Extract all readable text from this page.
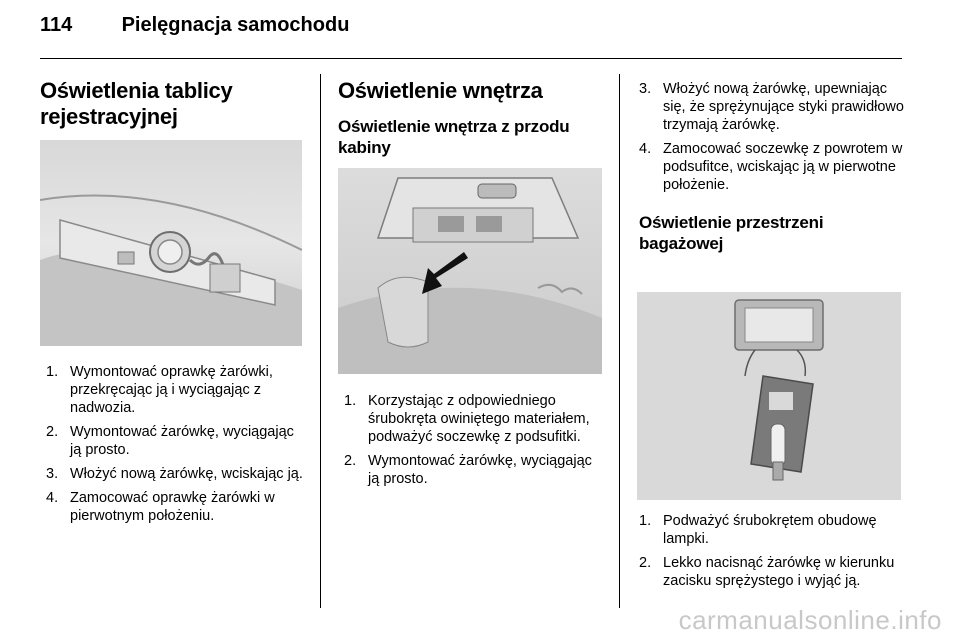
114 Pielęgnacja samochodu
Oświetlenia tablicy rejestracyjnej
1. Wymontować oprawkę żarówki, przekręcając ją i wyciągając z nadwozia.
2. Wymontować żarówkę, wyciągając ją prosto.
3. Włożyć nową żarówkę, wciskając ją.
4. Zamocować oprawkę żarówki w pierwotnym położeniu.
Oświetlenie wnętrza
Oświetlenie wnętrza z przodu kabiny
1. Korzystając z odpowiedniego śrubokręta owiniętego materiałem, podważyć soczewkę z podsufitki.
2. Wymontować żarówkę, wyciągając ją prosto.
3. Włożyć nową żarówkę, upewniając się, że sprężynujące styki prawidłowo trzymają żarówkę.
4. Zamocować soczewkę z powrotem w podsufitce, wciskając ją w pierwotne położenie.
Oświetlenie przestrzeni bagażowej
1. Podważyć śrubokrętem obudowę lampki.
2. Lekko nacisnąć żarówkę w kierunku zacisku sprężystego i wyjąć ją.
carmanualsonline.info
